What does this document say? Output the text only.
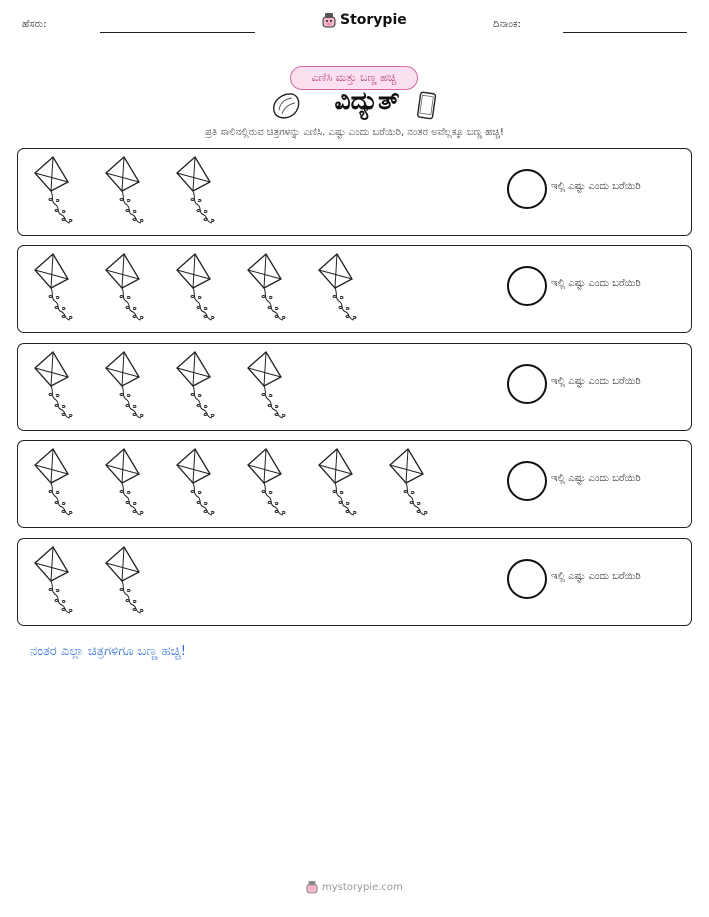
ಹೆಸರು:	Storypie	ದಿನಾಂಕ:
ಎಣಿಸಿ ಮತ್ತು ಬಣ್ಣ ಹಚ್ಚಿ
ವಿದ್ಯುತ್
ಪ್ರತಿ ಸಾಲಿನಲ್ಲಿರುವ ಚಿತ್ರಗಳನ್ನು ಎಣಿಸಿ. ಎಷ್ಟು ಎಂದು ಬರೆಯಿರಿ, ನಂತರ ಅವೆಲ್ಲಕ್ಕೂ ಬಣ್ಣ ಹಚ್ಚಿ!
ಇಲ್ಲಿ ಎಷ್ಟು ಎಂದು ಬರೆಯಿರಿ
ಇಲ್ಲಿ ಎಷ್ಟು ಎಂದು ಬರೆಯಿರಿ
ಇಲ್ಲಿ ಎಷ್ಟು ಎಂದು ಬರೆಯಿರಿ
ಇಲ್ಲಿ ಎಷ್ಟು ಎಂದು ಬರೆಯಿರಿ
ಇಲ್ಲಿ ಎಷ್ಟು ಎಂದು ಬರೆಯಿರಿ
ನಂತರ ಎಲ್ಲಾ ಚಿತ್ರಗಳಿಗೂ ಬಣ್ಣ ಹಚ್ಚಿ!
mystorypie.com
